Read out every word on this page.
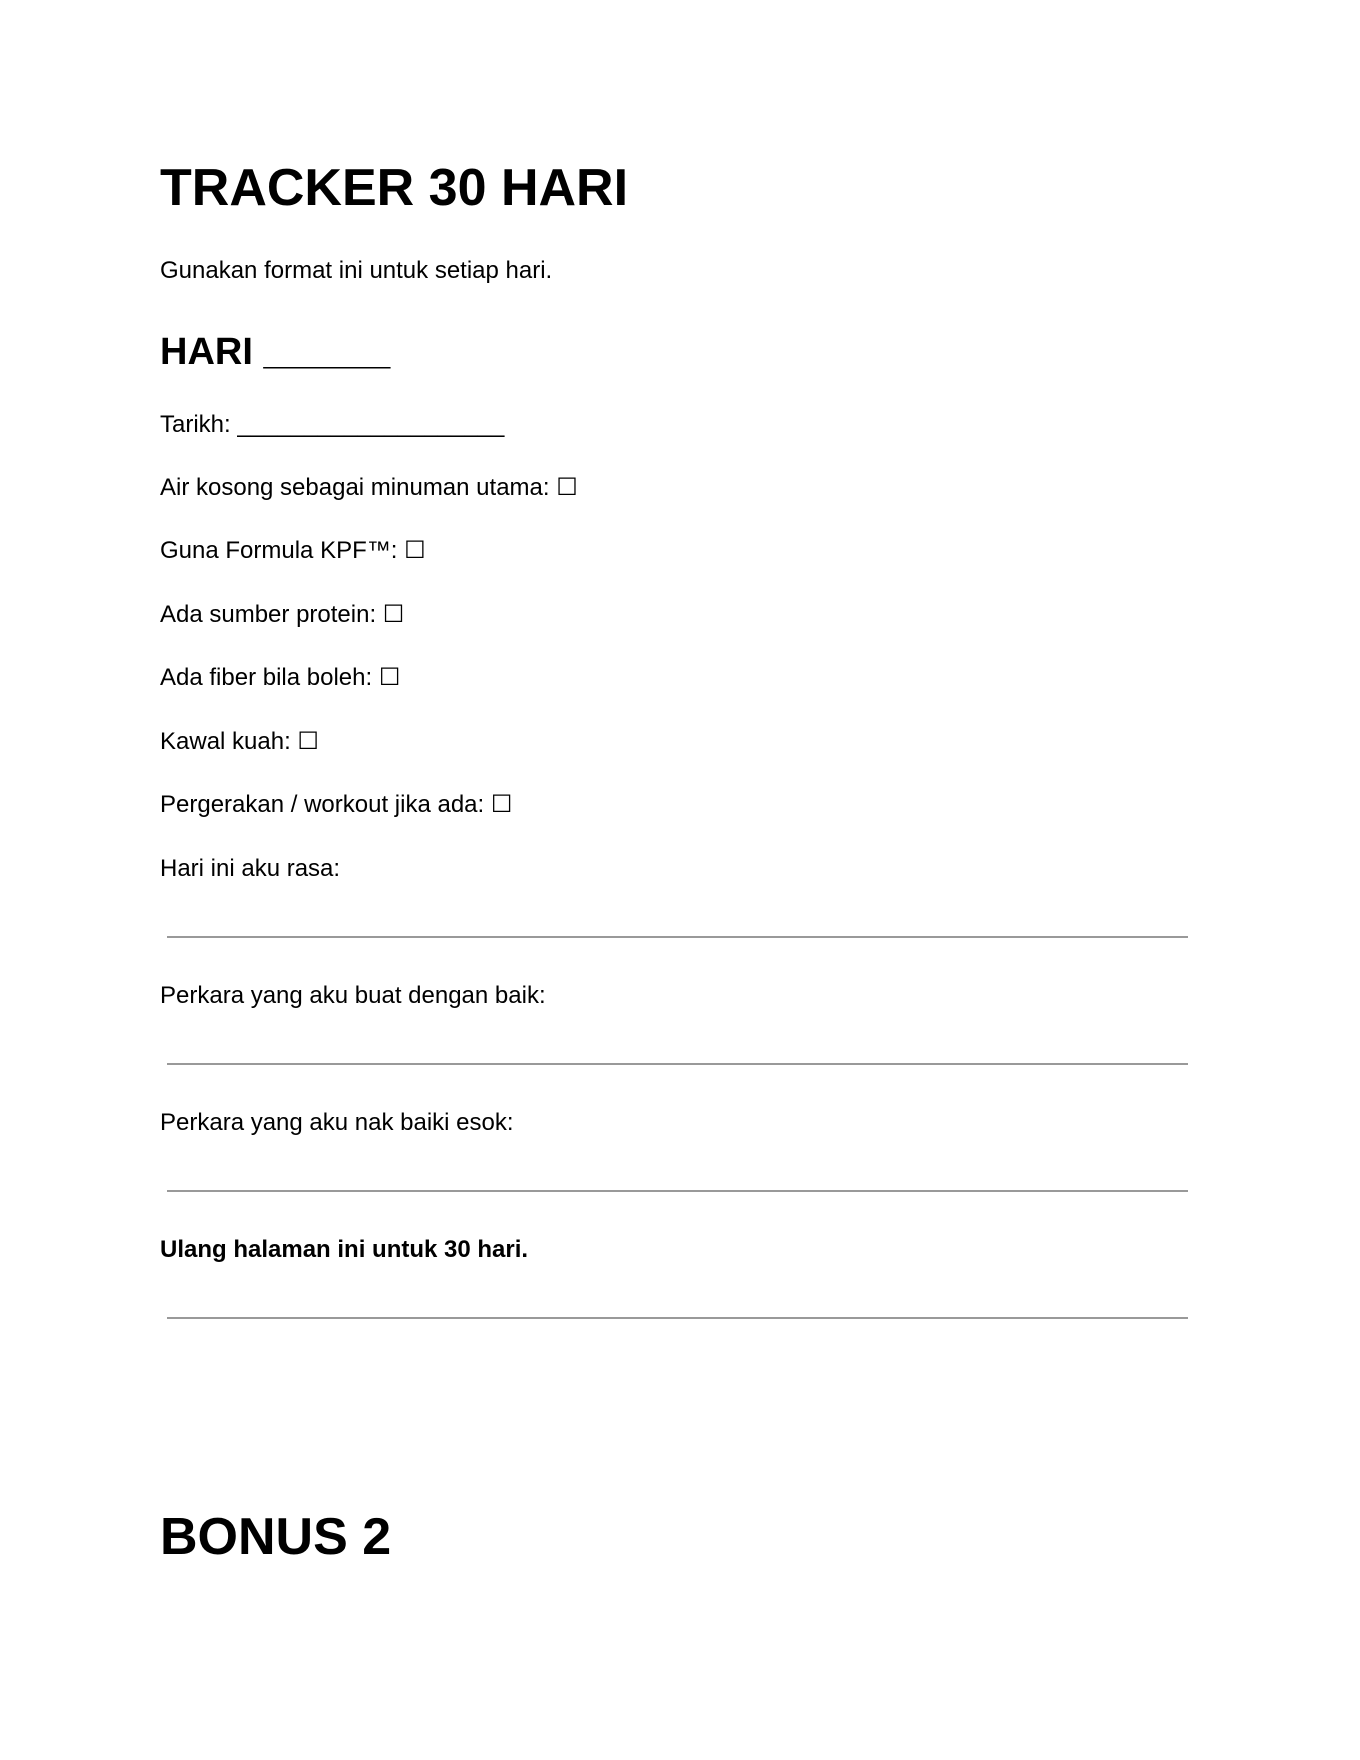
TRACKER 30 HARI

Gunakan format ini untuk setiap hari.

HARI ______

Tarikh: ____________________

Air kosong sebagai minuman utama: ☐

Guna Formula KPF™: ☐

Ada sumber protein: ☐

Ada fiber bila boleh: ☐

Kawal kuah: ☐

Pergerakan / workout jika ada: ☐

Hari ini aku rasa:

Perkara yang aku buat dengan baik:

Perkara yang aku nak baiki esok:

Ulang halaman ini untuk 30 hari.

BONUS 2
